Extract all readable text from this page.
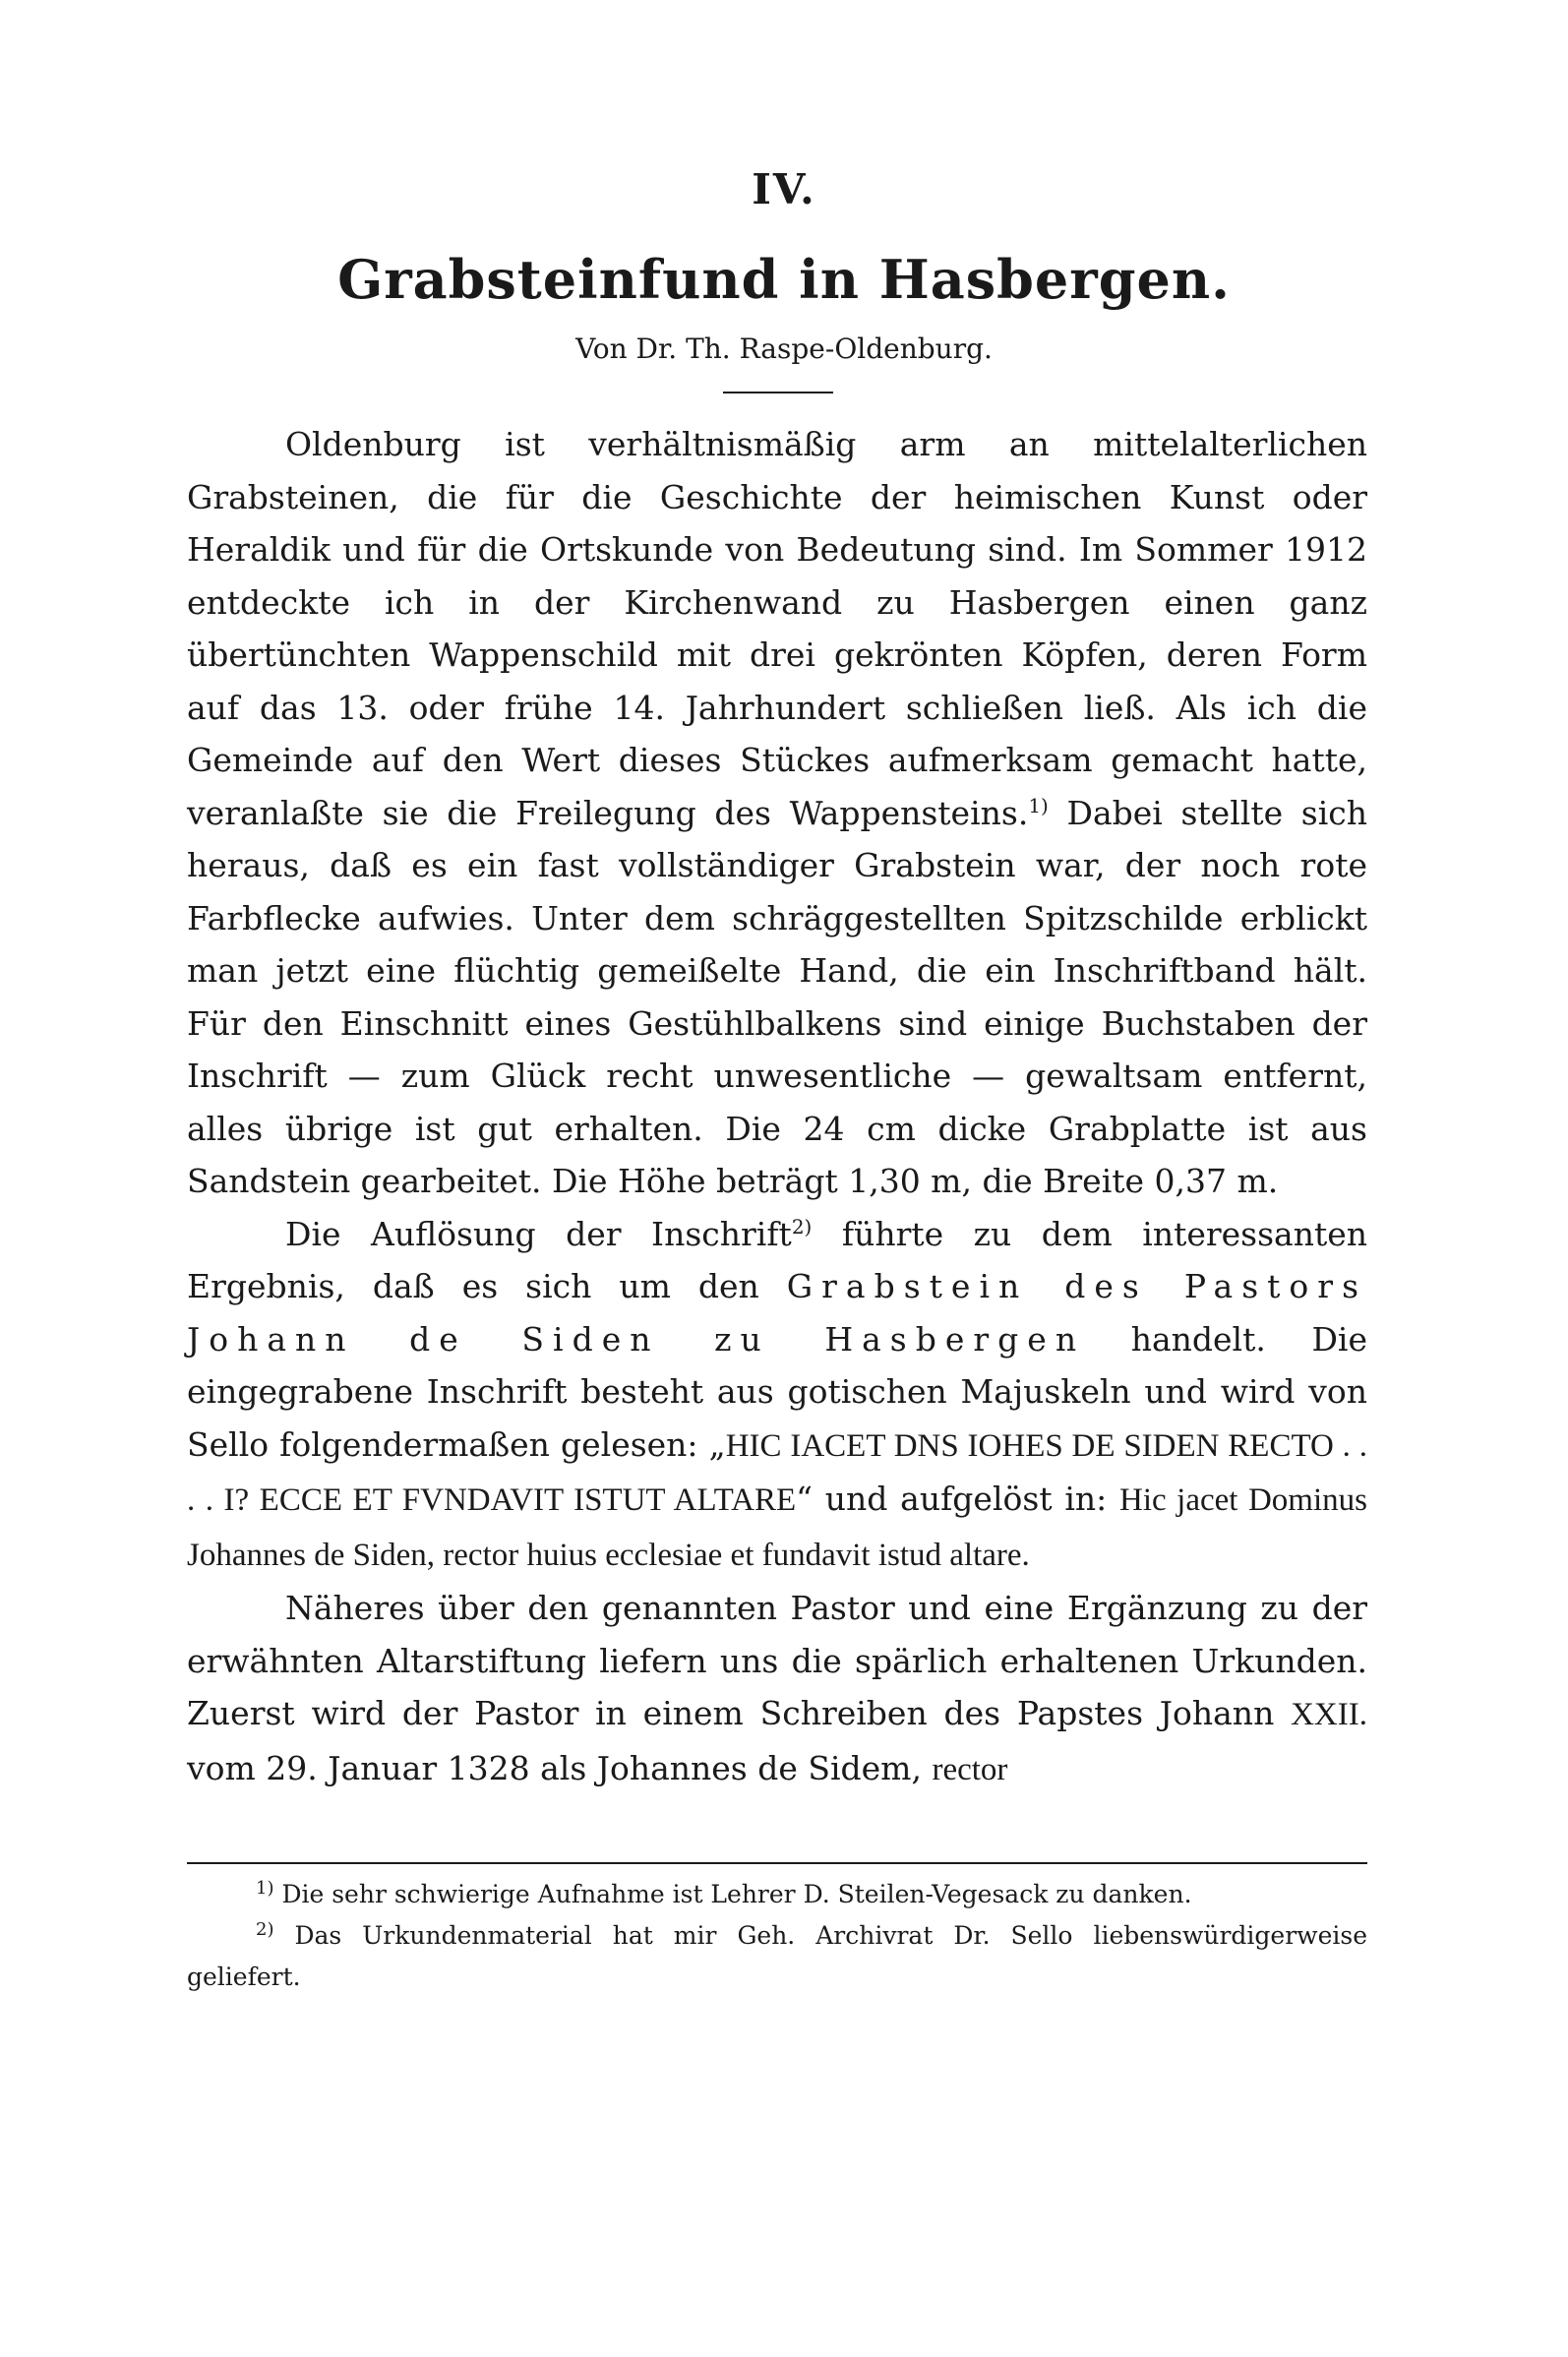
IV.
Grabsteinfund in Hasbergen.
Von Dr. Th. Raspe-Oldenburg.

Oldenburg ist verhältnismäßig arm an mittelalterlichen Grabsteinen, die für die Geschichte der heimischen Kunst oder Heraldik und für die Ortskunde von Bedeutung sind. Im Sommer 1912 entdeckte ich in der Kirchenwand zu Hasbergen einen ganz übertünchten Wappenschild mit drei gekrönten Köpfen, deren Form auf das 13. oder frühe 14. Jahrhundert schließen ließ. Als ich die Gemeinde auf den Wert dieses Stückes aufmerksam gemacht hatte, veranlaßte sie die Freilegung des Wappensteins.$^{1)}$ Dabei stellte sich heraus, daß es ein fast vollständiger Grabstein war, der noch rote Farbflecke aufwies. Unter dem schräggestellten Spitzschilde erblickt man jetzt eine flüchtig gemeißelte Hand, die ein Inschriftband hält. Für den Einschnitt eines Gestühlbalkens sind einige Buchstaben der Inschrift — zum Glück recht unwesentliche — gewaltsam entfernt, alles übrige ist gut erhalten. Die 24 cm dicke Grabplatte ist aus Sandstein gearbeitet. Die Höhe beträgt 1,30 m, die Breite 0,37 m.

Die Auflösung der Inschrift$^{2)}$ führte zu dem interessanten Ergebnis, daß es sich um den Grabstein des Pastors Johann de Siden zu Hasbergen handelt. Die eingegrabene Inschrift besteht aus gotischen Majuskeln und wird von Sello folgendermaßen gelesen: „HIC IACET DNS IOHES DE SIDEN RECTO . . . . I? ECCE ET FVNDAVIT ISTUT ALTARE“ und aufgelöst in: Hic jacet Dominus Johannes de Siden, rector huius ecclesiae et fundavit istud altare.

Näheres über den genannten Pastor und eine Ergänzung zu der erwähnten Altarstiftung liefern uns die spärlich erhaltenen Urkunden. Zuerst wird der Pastor in einem Schreiben des Papstes Johann XXII. vom 29. Januar 1328 als Johannes de Sidem, rector

$^{1)}$ Die sehr schwierige Aufnahme ist Lehrer D. Steilen-Vegesack zu danken.

$^{2)}$ Das Urkundenmaterial hat mir Geh. Archivrat Dr. Sello liebenswürdigerweise geliefert.
